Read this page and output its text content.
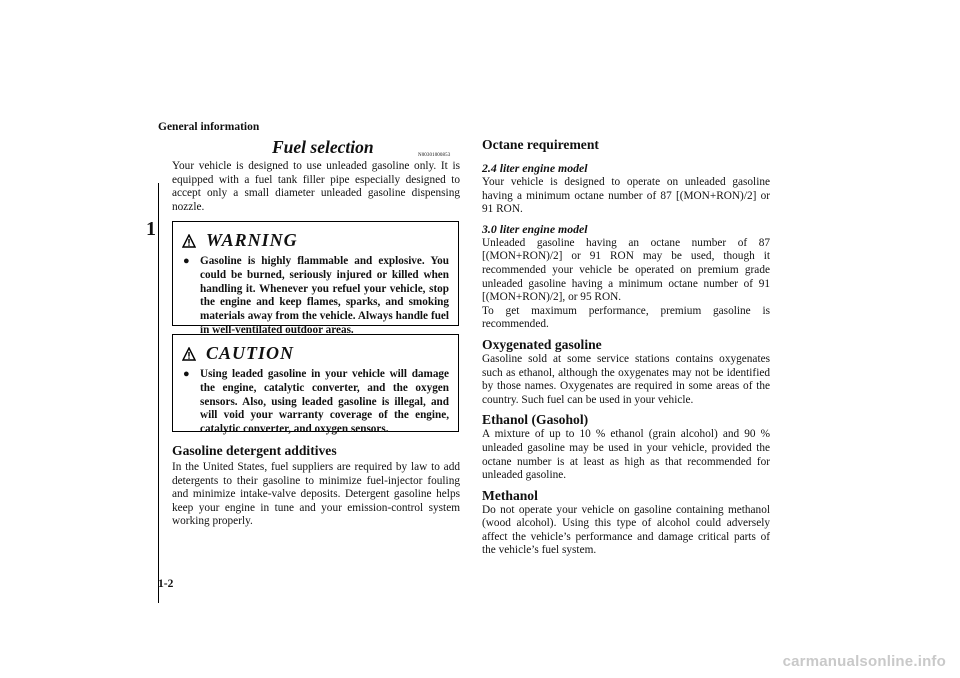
General information
1
Fuel selection	N00301000853

Your vehicle is designed to use unleaded gasoline only. It is equipped with a fuel tank filler pipe especially designed to accept only a small diameter unleaded gasoline dispensing nozzle.

WARNING
● Gasoline is highly flammable and explosive. You could be burned, seriously injured or killed when handling it. Whenever you refuel your vehicle, stop the engine and keep flames, sparks, and smoking materials away from the vehicle. Always handle fuel in well-ventilated outdoor areas.
CAUTION
● Using leaded gasoline in your vehicle will damage the engine, catalytic converter, and the oxygen sensors. Also, using leaded gasoline is illegal, and will void your warranty coverage of the engine, catalytic converter, and oxygen sensors.
Gasoline detergent additives

In the United States, fuel suppliers are required by law to add detergents to their gasoline to minimize fuel-injector fouling and minimize intake-valve deposits. Detergent gasoline helps keep your engine in tune and your emission-control system working properly.

Octane requirement
2.4 liter engine model

Your vehicle is designed to operate on unleaded gasoline having a minimum octane number of 87 [(MON+RON)/2] or 91 RON.

3.0 liter engine model

Unleaded gasoline having an octane number of 87 [(MON+RON)/2] or 91 RON may be used, though it recommended your vehicle be operated on premium grade unleaded gasoline having a minimum octane number of 91 [(MON+RON)/2], or 95 RON.

To get maximum performance, premium gasoline is recommended.

Oxygenated gasoline

Gasoline sold at some service stations contains oxygenates such as ethanol, although the oxygenates may not be identified by those names. Oxygenates are required in some areas of the country. Such fuel can be used in your vehicle.

Ethanol (Gasohol)

A mixture of up to 10 % ethanol (grain alcohol) and 90 % unleaded gasoline may be used in your vehicle, provided the octane number is at least as high as that recommended for unleaded gasoline.

Methanol

Do not operate your vehicle on gasoline containing methanol (wood alcohol). Using this type of alcohol could adversely affect the vehicle’s performance and damage critical parts of the vehicle’s fuel system.

1-2
carmanualsonline.info
